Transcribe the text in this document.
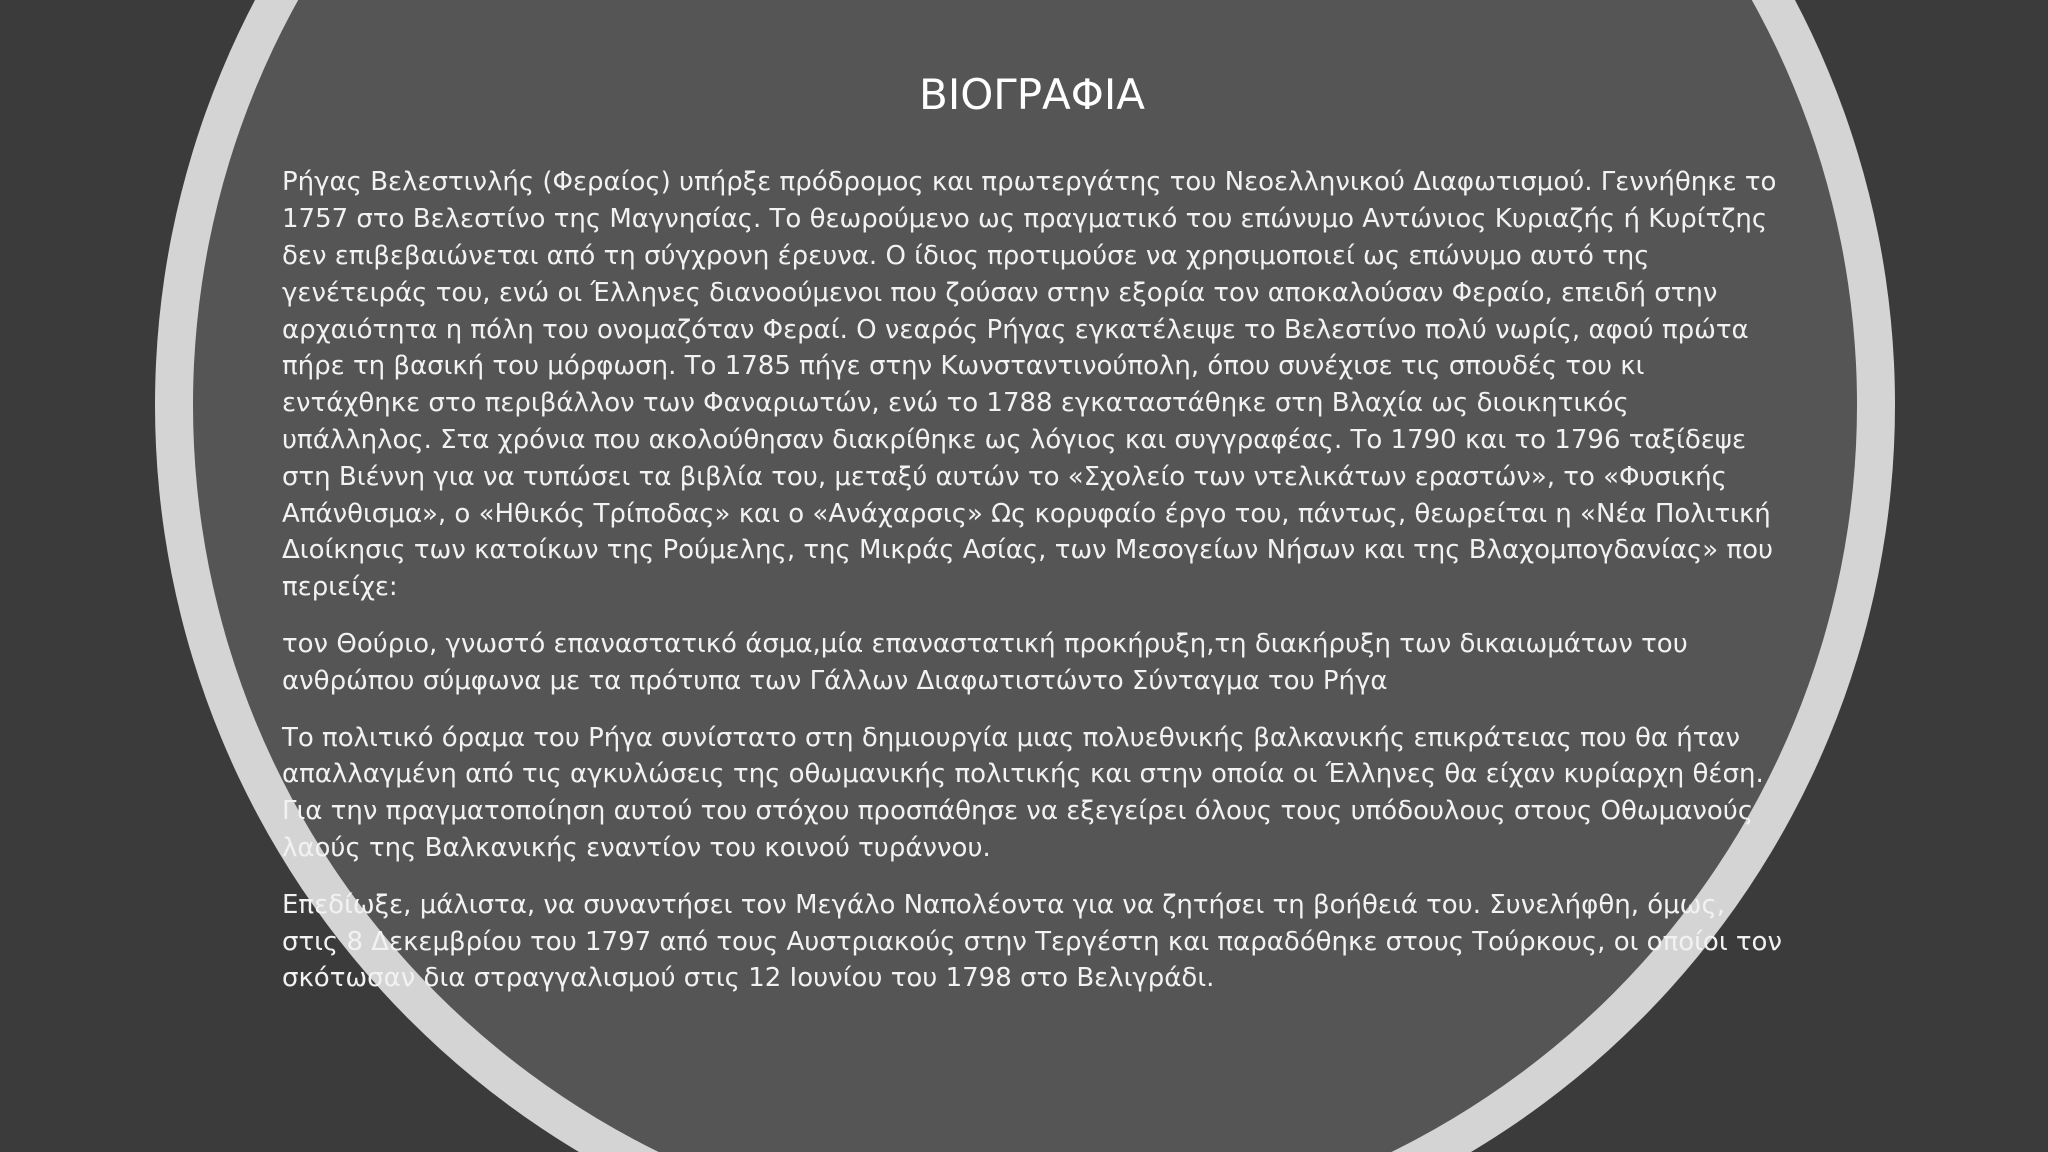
ΒΙΟΓΡΑΦΙΑ

Ρήγας Βελεστινλής (Φεραίος) υπήρξε πρόδρομος και πρωτεργάτης του Νεοελληνικού Διαφωτισμού. Γεννήθηκε το 1757 στο Βελεστίνο της Μαγνησίας. Το θεωρούμενο ως πραγματικό του επώνυμο Αντώνιος Κυριαζής ή Κυρίτζης δεν επιβεβαιώνεται από τη σύγχρονη έρευνα. Ο ίδιος προτιμούσε να χρησιμοποιεί ως επώνυμο αυτό της γενέτειράς του, ενώ οι Έλληνες διανοούμενοι που ζούσαν στην εξορία τον αποκαλούσαν Φεραίο, επειδή στην αρχαιότητα η πόλη του ονομαζόταν Φεραί. Ο νεαρός Ρήγας εγκατέλειψε το Βελεστίνο πολύ νωρίς, αφού πρώτα πήρε τη βασική του μόρφωση. Το 1785 πήγε στην Κωνσταντινούπολη, όπου συνέχισε τις σπουδές του κι εντάχθηκε στο περιβάλλον των Φαναριωτών, ενώ το 1788 εγκαταστάθηκε στη Βλαχία ως διοικητικός υπάλληλος. Στα χρόνια που ακολούθησαν διακρίθηκε ως λόγιος και συγγραφέας. Το 1790 και το 1796 ταξίδεψε στη Βιέννη για να τυπώσει τα βιβλία του, μεταξύ αυτών το «Σχολείο των ντελικάτων εραστών», το «Φυσικής Απάνθισμα», ο «Ηθικός Τρίποδας» και ο «Ανάχαρσις» Ως κορυφαίο έργο του, πάντως, θεωρείται η «Νέα Πολιτική Διοίκησις των κατοίκων της Ρούμελης, της Μικράς Ασίας, των Μεσογείων Νήσων και της Βλαχομπογδανίας» που περιείχε:

τον Θούριο, γνωστό επαναστατικό άσμα,μία επαναστατική προκήρυξη,τη διακήρυξη των δικαιωμάτων του ανθρώπου σύμφωνα με τα πρότυπα των Γάλλων Διαφωτιστώντο Σύνταγμα του Ρήγα

Το πολιτικό όραμα του Ρήγα συνίστατο στη δημιουργία μιας πολυεθνικής βαλκανικής επικράτειας που θα ήταν απαλλαγμένη από τις αγκυλώσεις της οθωμανικής πολιτικής και στην οποία οι Έλληνες θα είχαν κυρίαρχη θέση. Για την πραγματοποίηση αυτού του στόχου προσπάθησε να εξεγείρει όλους τους υπόδουλους στους Οθωμανούς λαούς της Βαλκανικής εναντίον του κοινού τυράννου.

Επεδίωξε, μάλιστα, να συναντήσει τον Μεγάλο Ναπολέοντα για να ζητήσει τη βοήθειά του. Συνελήφθη, όμως, στις 8 Δεκεμβρίου του 1797 από τους Αυστριακούς στην Τεργέστη και παραδόθηκε στους Τούρκους, οι οποίοι τον σκότωσαν δια στραγγαλισμού στις 12 Ιουνίου του 1798 στο Βελιγράδι.
